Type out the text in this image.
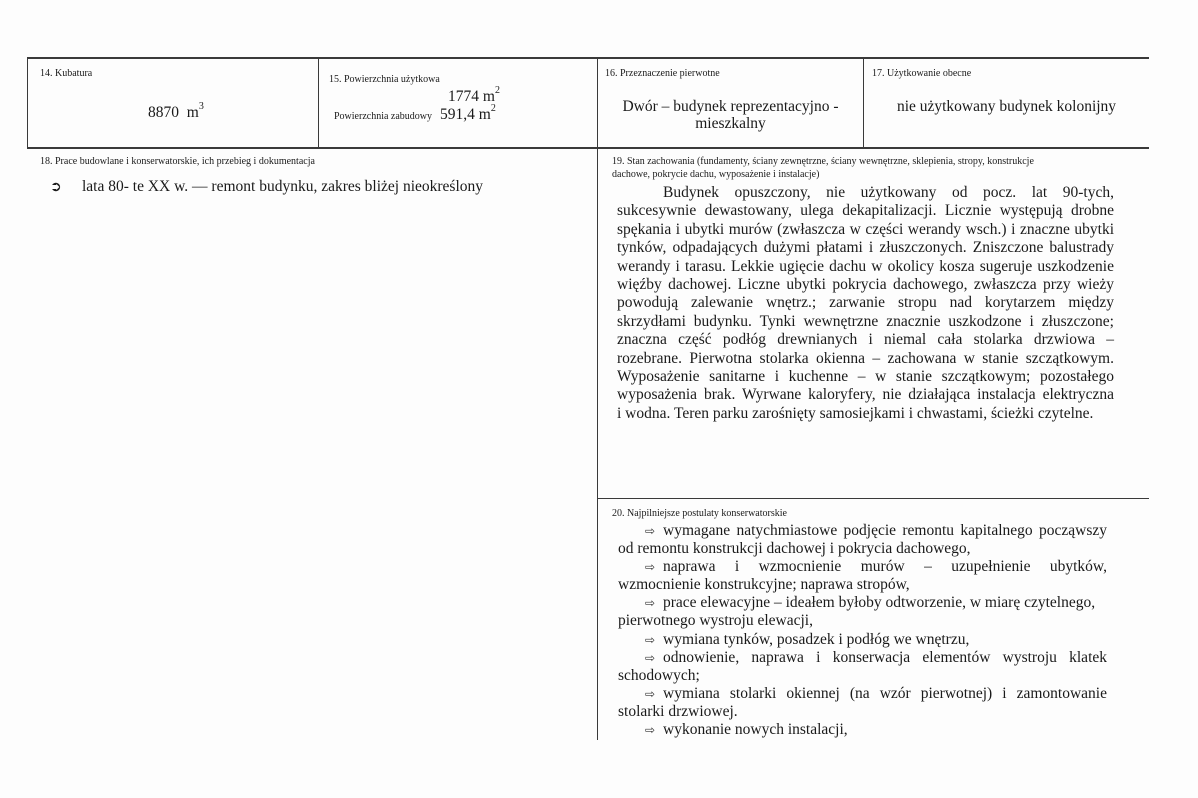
14. Kubatura
8870 $m^3$
15. Powierzchnia użytkowa
1774 $m^2$
Powierzchnia zabudowy 591,4 $m^2$
16. Przeznaczenie pierwotne
Dwór – budynek reprezentacyjno -
mieszkalny
17. Użytkowanie obecne
nie użytkowany budynek kolonijny
18. Prace budowlane i konserwatorskie, ich przebieg i dokumentacja
➲ lata 80- te XX w. — remont budynku, zakres bliżej nieokreślony
19. Stan zachowania (fundamenty, ściany zewnętrzne, ściany wewnętrzne, sklepienia, stropy, konstrukcje
dachowe, pokrycie dachu, wyposażenie i instalacje)
Budynek opuszczony, nie użytkowany od pocz. lat 90-tych,
sukcesywnie dewastowany, ulega dekapitalizacji. Licznie występują drobne
spękania i ubytki murów (zwłaszcza w części werandy wsch.) i znaczne ubytki
tynków, odpadających dużymi płatami i złuszczonych. Zniszczone balustrady
werandy i tarasu. Lekkie ugięcie dachu w okolicy kosza sugeruje uszkodzenie
więźby dachowej. Liczne ubytki pokrycia dachowego, zwłaszcza przy wieży
powodują zalewanie wnętrz.; zarwanie stropu nad korytarzem między
skrzydłami budynku. Tynki wewnętrzne znacznie uszkodzone i złuszczone;
znaczna część podłóg drewnianych i niemal cała stolarka drzwiowa –
rozebrane. Pierwotna stolarka okienna – zachowana w stanie szczątkowym.
Wyposażenie sanitarne i kuchenne – w stanie szczątkowym; pozostałego
wyposażenia brak. Wyrwane kaloryfery, nie działająca instalacja elektryczna
i wodna. Teren parku zarośnięty samosiejkami i chwastami, ścieżki czytelne.
20. Najpilniejsze postulaty konserwatorskie
⇨ wymagane natychmiastowe podjęcie remontu kapitalnego począwszy
od remontu konstrukcji dachowej i pokrycia dachowego,
⇨ naprawa i wzmocnienie murów – uzupełnienie ubytków,
wzmocnienie konstrukcyjne; naprawa stropów,
⇨ prace elewacyjne – ideałem byłoby odtworzenie, w miarę czytelnego,
pierwotnego wystroju elewacji,
⇨ wymiana tynków, posadzek i podłóg we wnętrzu,
⇨ odnowienie, naprawa i konserwacja elementów wystroju klatek
schodowych;
⇨ wymiana stolarki okiennej (na wzór pierwotnej) i zamontowanie
stolarki drzwiowej.
⇨ wykonanie nowych instalacji,
